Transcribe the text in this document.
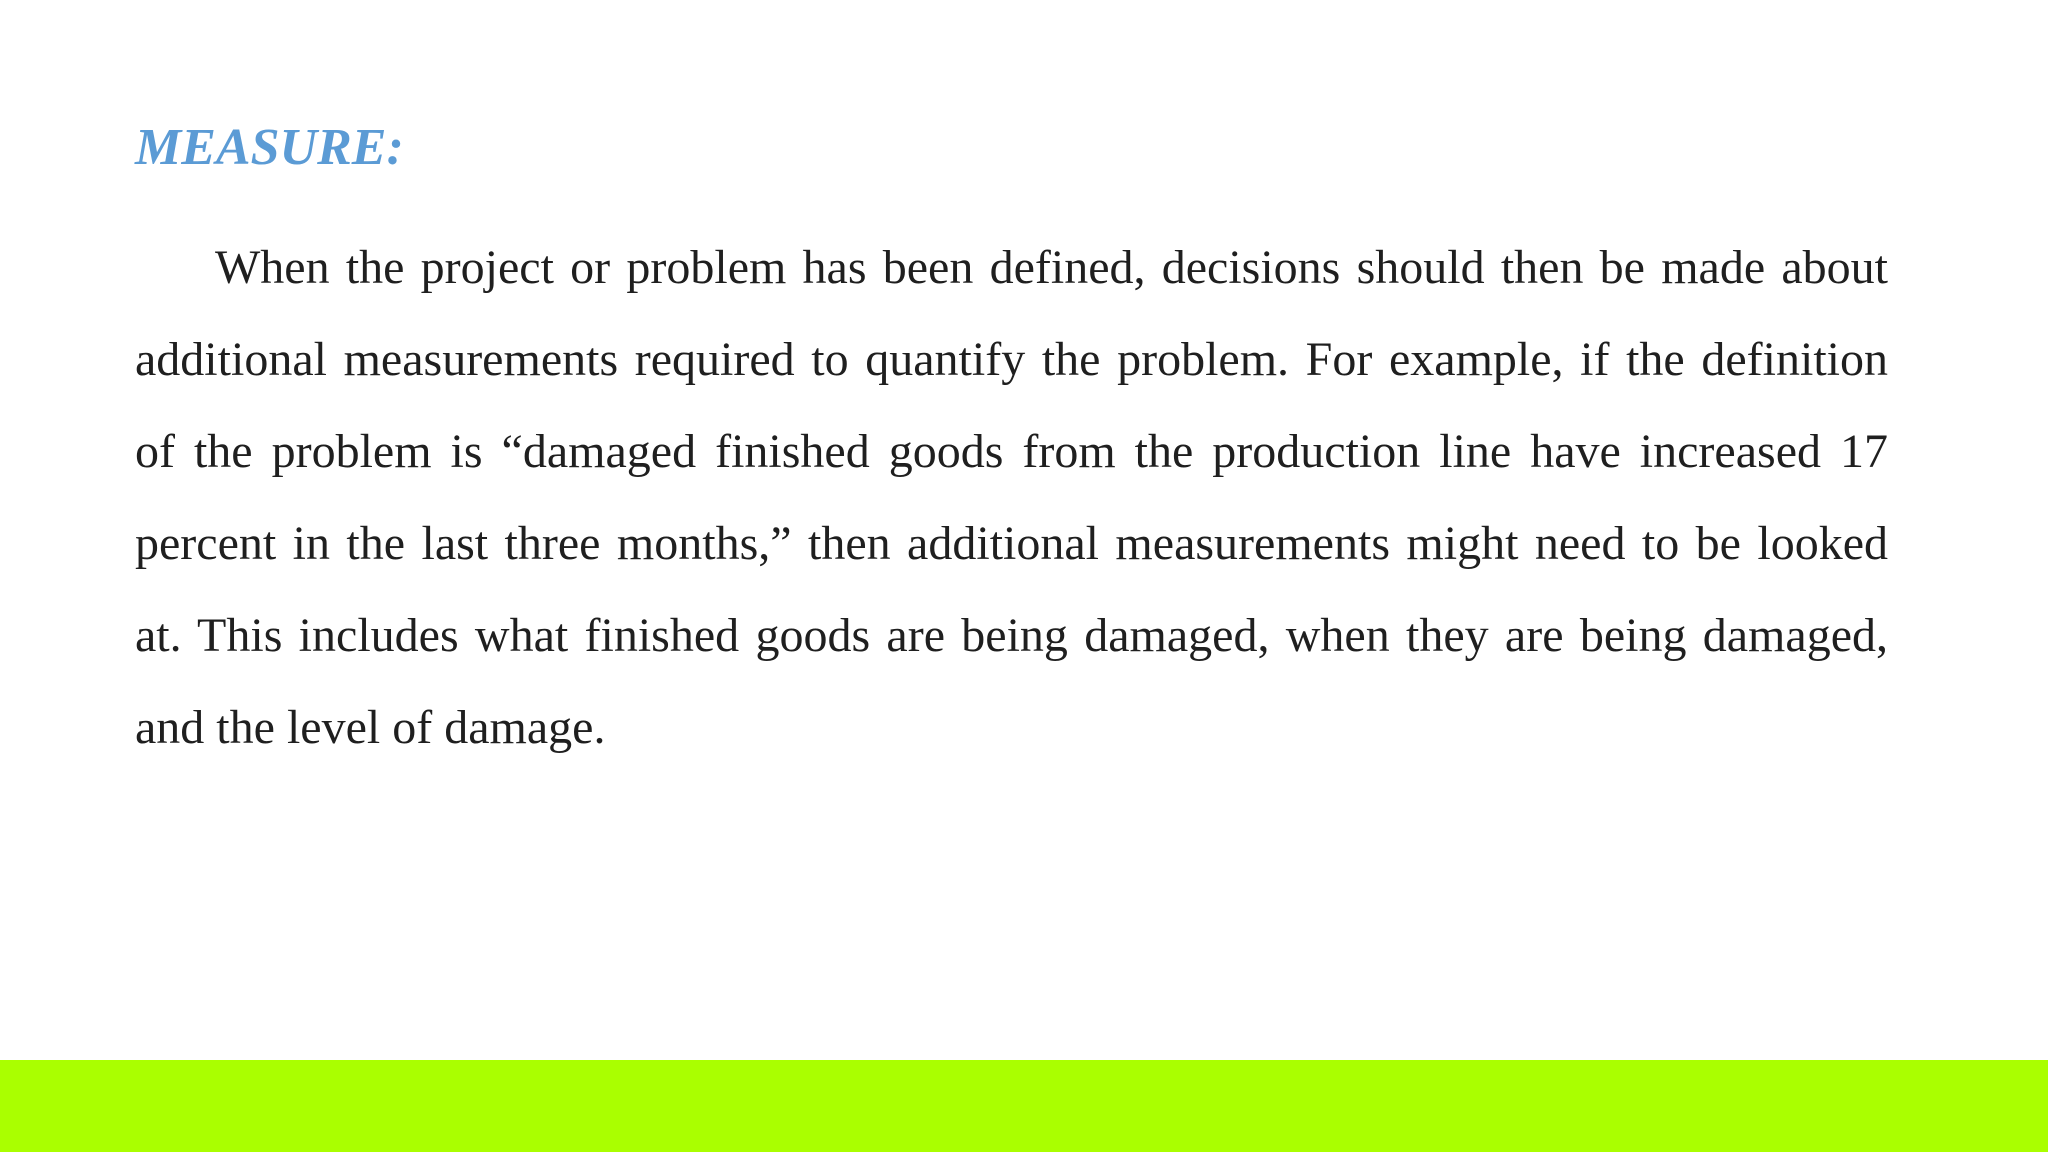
MEASURE:

When the project or problem has been defined, decisions should then be made about additional measurements required to quantify the problem. For example, if the definition of the problem is “damaged finished goods from the production line have increased 17 percent in the last three months,” then additional measurements might need to be looked at. This includes what finished goods are being damaged, when they are being damaged, and the level of damage.
